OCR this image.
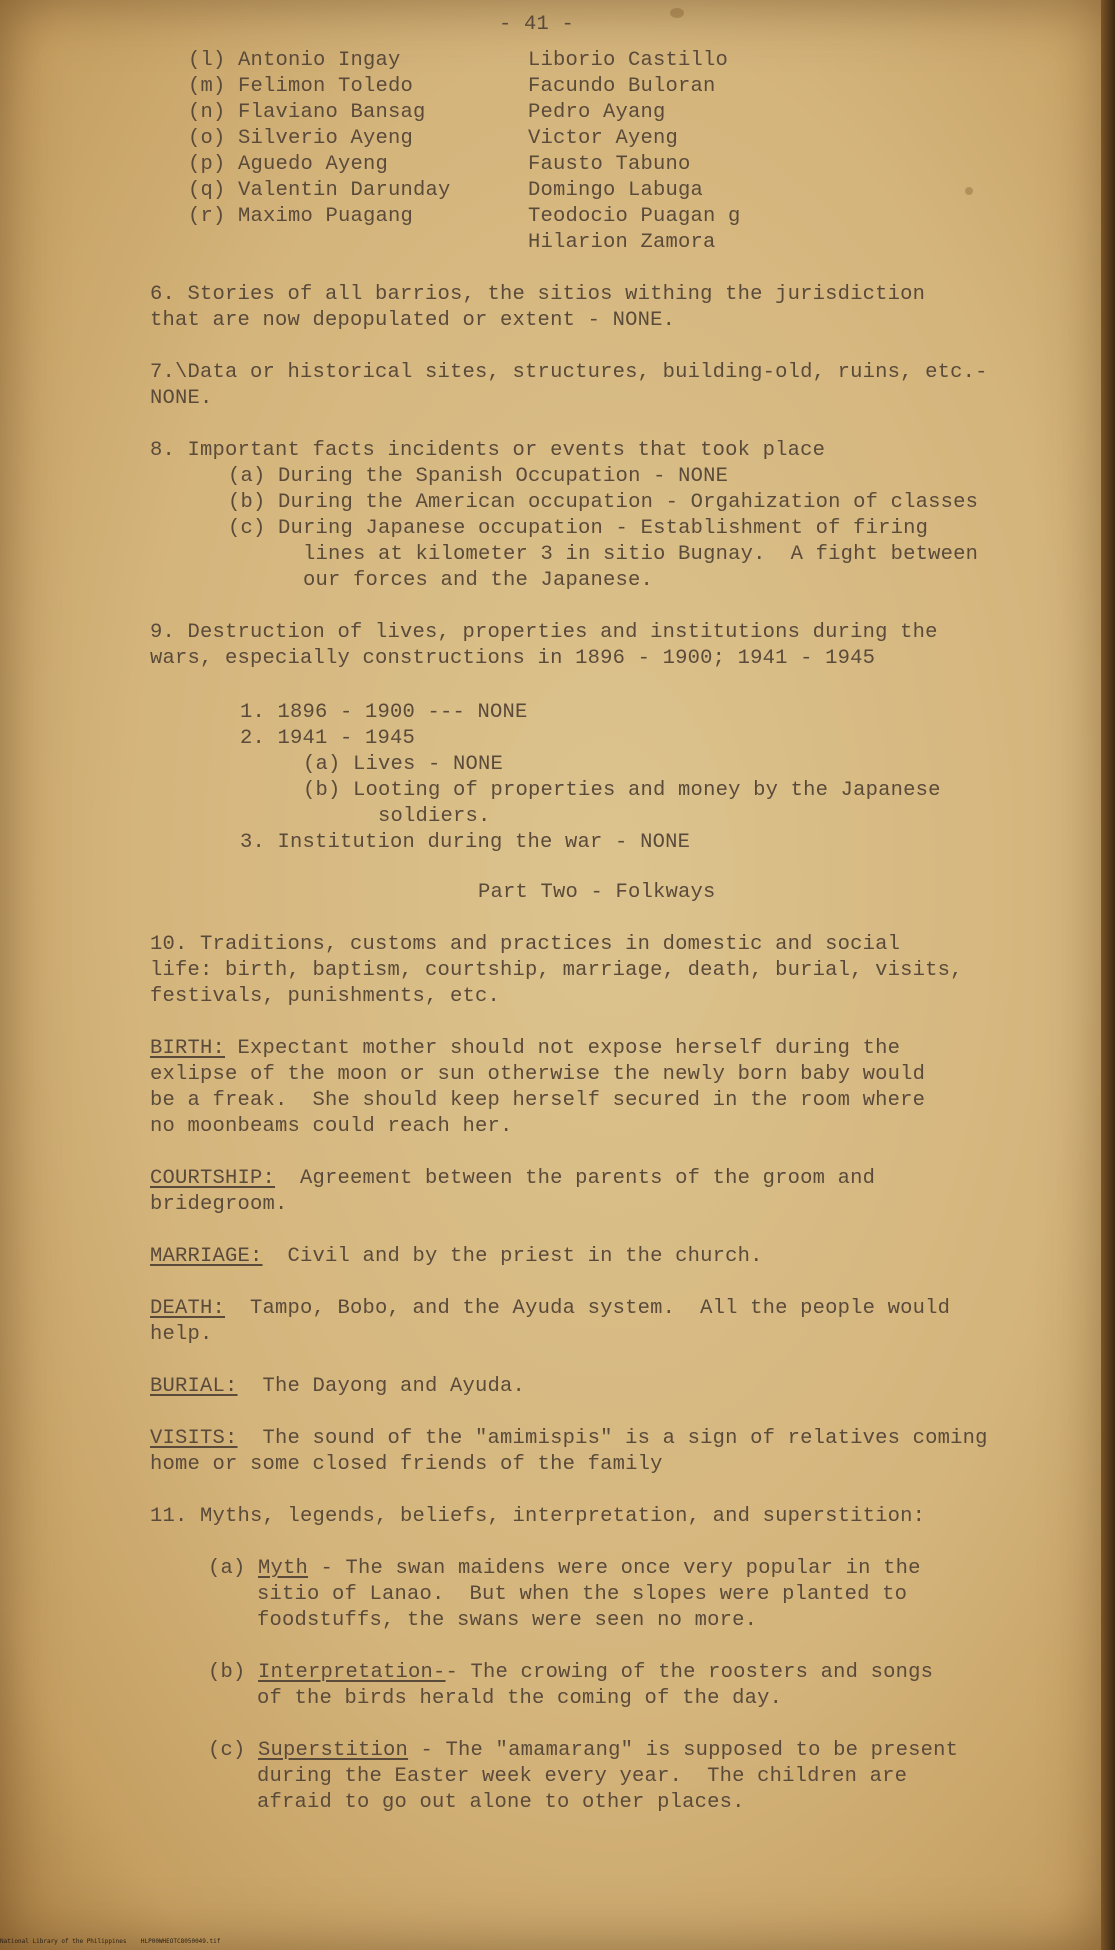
- 41 -
(l) Antonio Ingay
(m) Felimon Toledo
(n) Flaviano Bansag
(o) Silverio Ayeng
(p) Aguedo Ayeng
(q) Valentin Darunday
(r) Maximo Puagang
Liborio Castillo
Facundo Buloran
Pedro Ayang
Victor Ayeng
Fausto Tabuno
Domingo Labuga
Teodocio Puagan g
Hilarion Zamora
6. Stories of all barrios, the sitios withing the jurisdiction
that are now depopulated or extent - NONE.
7.\Data or historical sites, structures, building-old, ruins, etc.-
NONE.
8. Important facts incidents or events that took place
(a) During the Spanish Occupation - NONE
(b) During the American occupation - Orgahization of classes
(c) During Japanese occupation - Establishment of firing
lines at kilometer 3 in sitio Bugnay.  A fight between
our forces and the Japanese.
9. Destruction of lives, properties and institutions during the
wars, especially constructions in 1896 - 1900; 1941 - 1945
1. 1896 - 1900 --- NONE
2. 1941 - 1945
(a) Lives - NONE
(b) Looting of properties and money by the Japanese
soldiers.
3. Institution during the war - NONE
Part Two - Folkways
10. Traditions, customs and practices in domestic and social
life: birth, baptism, courtship, marriage, death, burial, visits,
festivals, punishments, etc.
BIRTH: Expectant mother should not expose herself during the
exlipse of the moon or sun otherwise the newly born baby would
be a freak.  She should keep herself secured in the room where
no moonbeams could reach her.
COURTSHIP:  Agreement between the parents of the groom and
bridegroom.
MARRIAGE:  Civil and by the priest in the church.
DEATH:  Tampo, Bobo, and the Ayuda system.  All the people would
help.
BURIAL:  The Dayong and Ayuda.
VISITS:  The sound of the "amimispis" is a sign of relatives coming
home or some closed friends of the family
11. Myths, legends, beliefs, interpretation, and superstition:
(a) Myth - The swan maidens were once very popular in the
sitio of Lanao.  But when the slopes were planted to
foodstuffs, the swans were seen no more.
(b) Interpretation-- The crowing of the roosters and songs
of the birds herald the coming of the day.
(c) Superstition - The "amamarang" is supposed to be present
during the Easter week every year.  The children are
afraid to go out alone to other places.
National Library of the Philippines    HLP00WHEOTC8050049.tif
